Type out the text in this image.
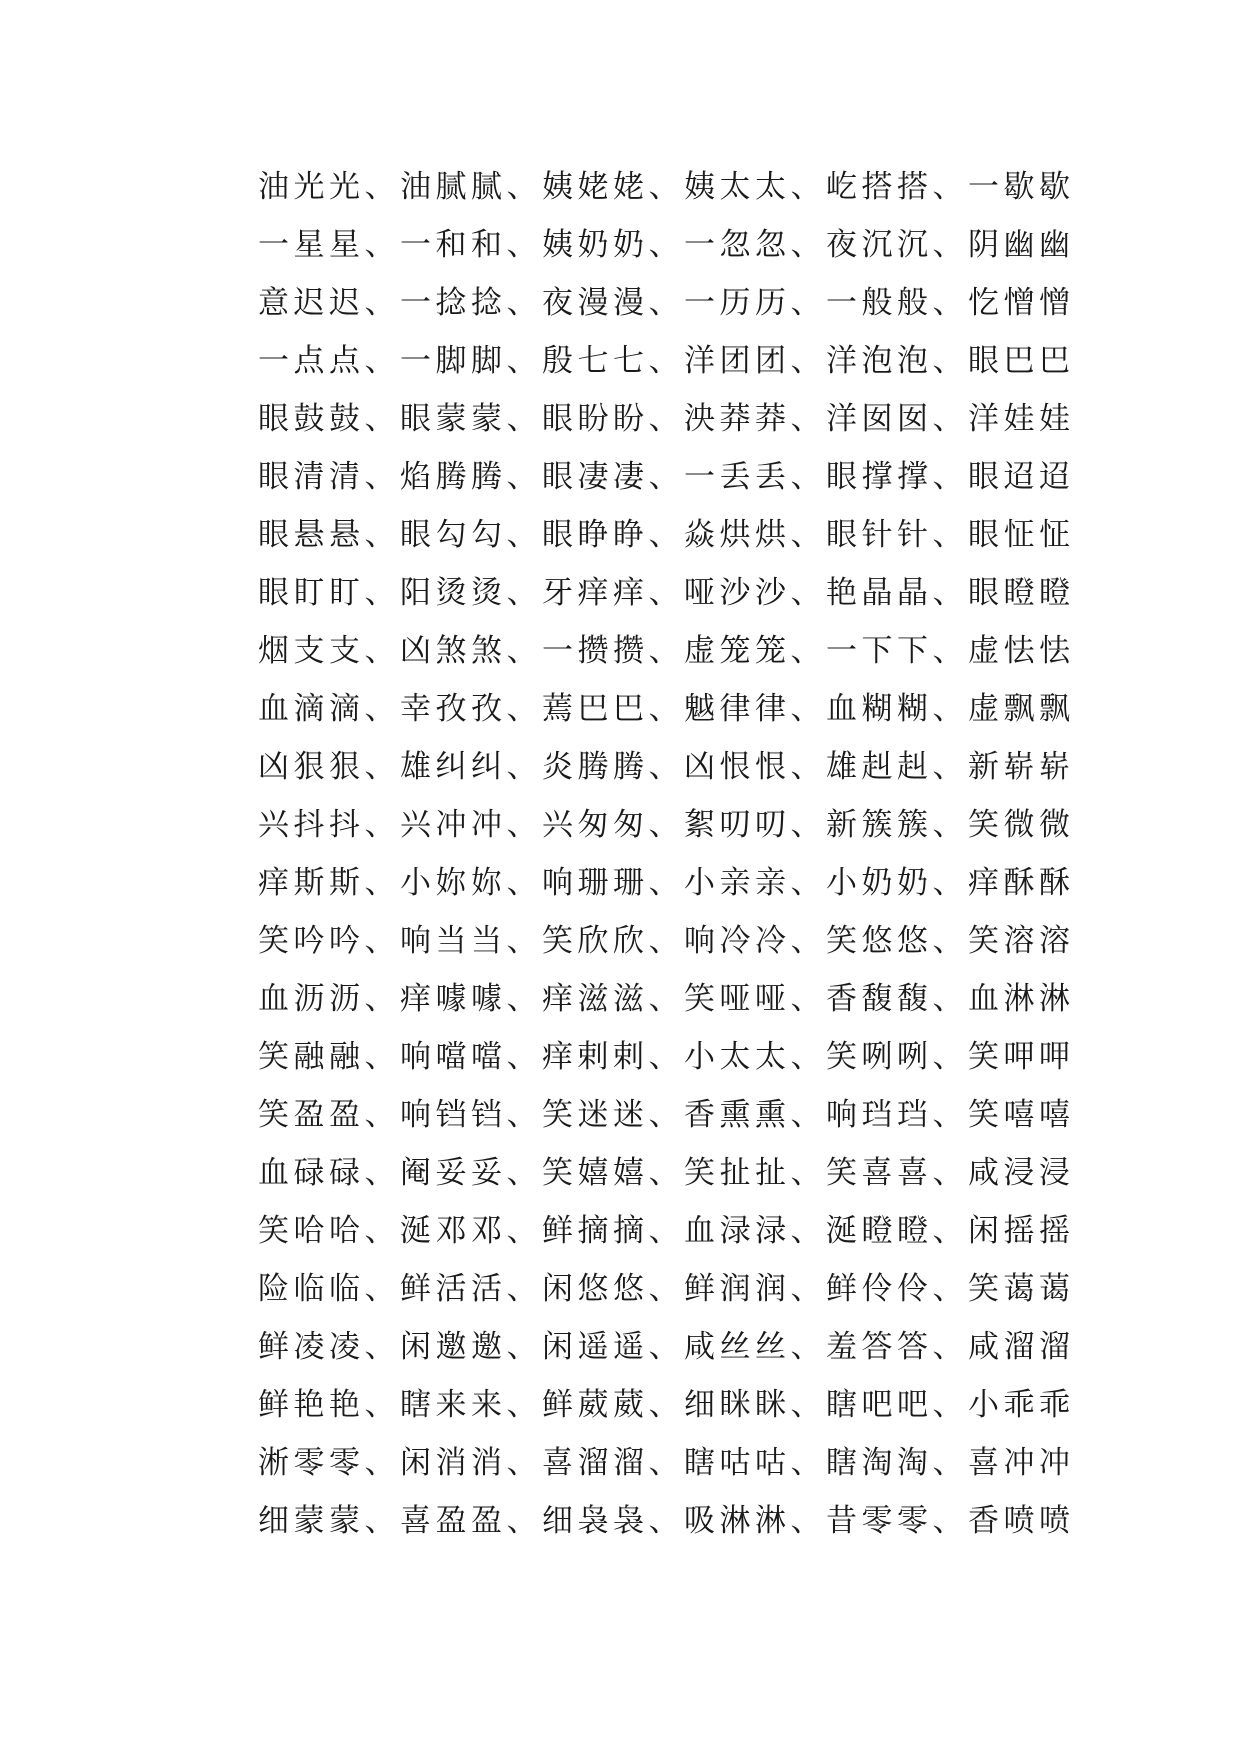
油光光、油腻腻、姨姥姥、姨太太、屹搭搭、一歇歇
一星星、一和和、姨奶奶、一忽忽、夜沉沉、阴幽幽
意迟迟、一捻捻、夜漫漫、一历历、一般般、忔憎憎
一点点、一脚脚、殷七七、洋团团、洋泡泡、眼巴巴
眼鼓鼓、眼蒙蒙、眼盼盼、泱莽莽、洋囡囡、洋娃娃
眼清清、焰腾腾、眼凄凄、一丢丢、眼撑撑、眼迢迢
眼悬悬、眼勾勾、眼睁睁、焱烘烘、眼针针、眼怔怔
眼盯盯、阳烫烫、牙痒痒、哑沙沙、艳晶晶、眼瞪瞪
烟支支、凶煞煞、一攒攒、虚笼笼、一下下、虚怯怯
血滴滴、幸孜孜、蔫巴巴、魆律律、血糊糊、虚飘飘
凶狠狠、雄纠纠、炎腾腾、凶恨恨、雄赳赳、新崭崭
兴抖抖、兴冲冲、兴匆匆、絮叨叨、新簇簇、笑微微
痒斯斯、小妳妳、响珊珊、小亲亲、小奶奶、痒酥酥
笑吟吟、响当当、笑欣欣、响冷冷、笑悠悠、笑溶溶
血沥沥、痒噱噱、痒滋滋、笑哑哑、香馥馥、血淋淋
笑融融、响噹噹、痒剌剌、小太太、笑咧咧、笑呷呷
笑盈盈、响铛铛、笑迷迷、香熏熏、响珰珰、笑嘻嘻
血碌碌、阉妥妥、笑嬉嬉、笑扯扯、笑喜喜、咸浸浸
笑哈哈、涎邓邓、鲜摘摘、血渌渌、涎瞪瞪、闲摇摇
险临临、鲜活活、闲悠悠、鲜润润、鲜伶伶、笑蔼蔼
鲜凌凌、闲邀邀、闲遥遥、咸丝丝、羞答答、咸溜溜
鲜艳艳、瞎来来、鲜葳葳、细眯眯、瞎吧吧、小乖乖
淅零零、闲消消、喜溜溜、瞎咕咕、瞎淘淘、喜冲冲
细蒙蒙、喜盈盈、细袅袅、吸淋淋、昔零零、香喷喷
